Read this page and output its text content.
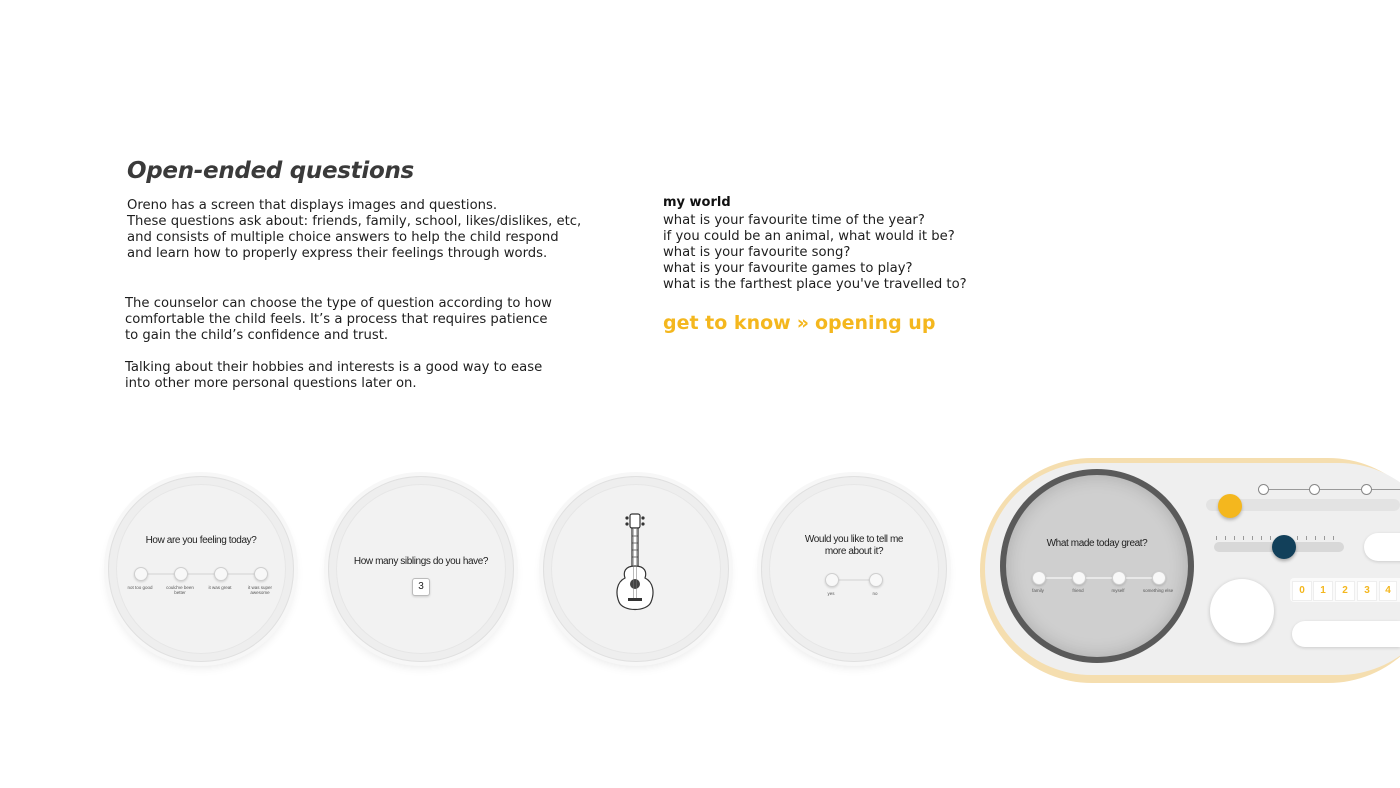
Open-ended questions
Oreno has a screen that displays images and questions.
These questions ask about: friends, family, school, likes/dislikes, etc,
and consists of multiple choice answers to help the child respond
and learn how to properly express their feelings through words.
The counselor can choose the type of question according to how
comfortable the child feels. It’s a process that requires patience
to gain the child’s confidence and trust.
Talking about their hobbies and interests is a good way to ease
into other more personal questions later on.
my world
what is your favourite time of the year?
if you could be an animal, what would it be?
what is your favourite song?
what is your favourite games to play?
what is the farthest place you've travelled to?
get to know » opening up
How are you feeling today?
not too good	could’ve been better
it was great	it was super awesome
How many siblings do you have?
3
Would you like to tell me more about it?
yes	no
What made today great?
family	friend	myself	something else	0	1	2	3	4
